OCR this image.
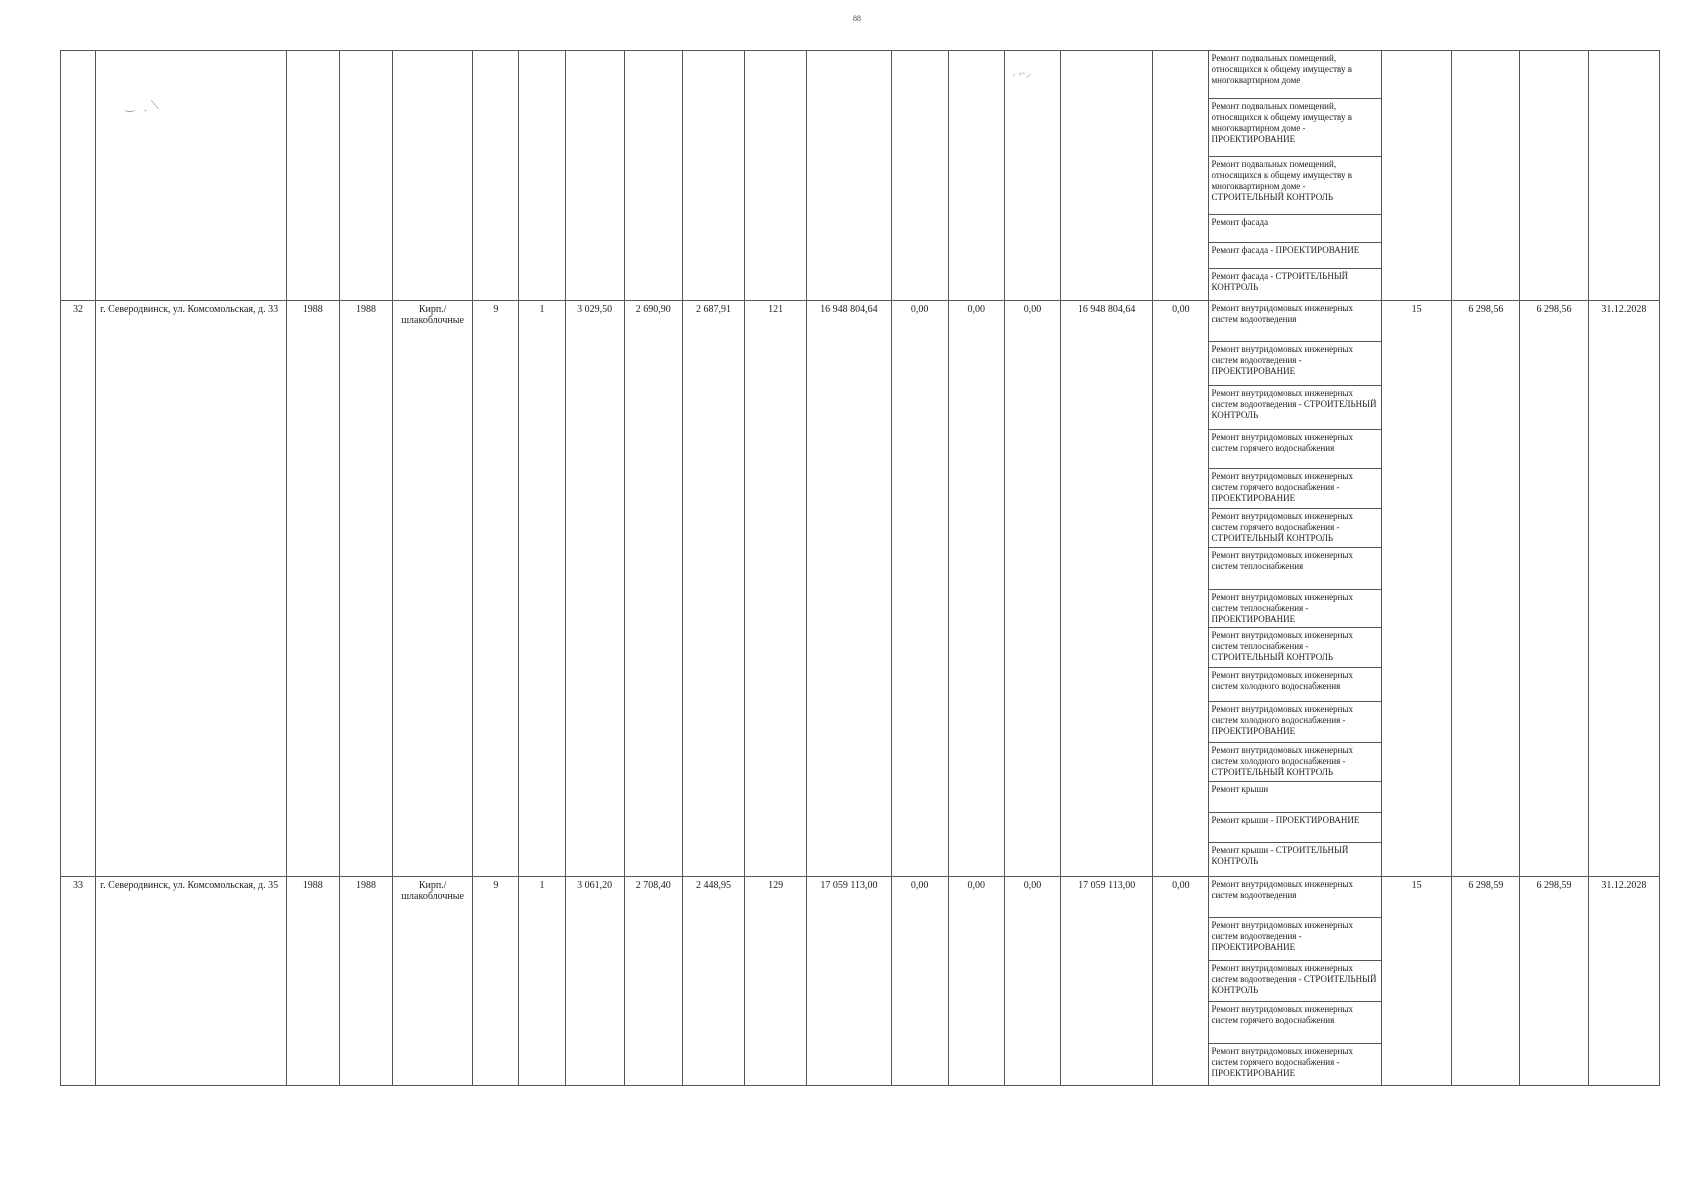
88
‿   ˎ ⟍
˒ ⌐⸝
																	Ремонт подвальных помещений, относящихся к общему имуществу в многоквартирном доме				
																	Ремонт подвальных помещений, относящихся к общему имуществу в многоквартирном доме - ПРОЕКТИРОВАНИЕ				
																	Ремонт подвальных помещений, относящихся к общему имуществу в многоквартирном доме - СТРОИТЕЛЬНЫЙ КОНТРОЛЬ				
																	Ремонт фасада				
																	Ремонт фасада - ПРОЕКТИРОВАНИЕ				
																	Ремонт фасада - СТРОИТЕЛЬНЫЙ КОНТРОЛЬ				
32	г. Северодвинск, ул. Комсомольская, д. 33	1988	1988	Кирп./ шлакоблочные	9	1	3 029,50	2 690,90	2 687,91	121	16 948 804,64	0,00	0,00	0,00	16 948 804,64	0,00	Ремонт внутридомовых инженерных систем водоотведения	15	6 298,56	6 298,56	31.12.2028
																	Ремонт внутридомовых инженерных систем водоотведения - ПРОЕКТИРОВАНИЕ				
																	Ремонт внутридомовых инженерных систем водоотведения - СТРОИТЕЛЬНЫЙ КОНТРОЛЬ				
																	Ремонт внутридомовых инженерных систем горячего водоснабжения				
																	Ремонт внутридомовых инженерных систем горячего водоснабжения - ПРОЕКТИРОВАНИЕ				
																	Ремонт внутридомовых инженерных систем горячего водоснабжения - СТРОИТЕЛЬНЫЙ КОНТРОЛЬ				
																	Ремонт внутридомовых инженерных систем теплоснабжения				
																	Ремонт внутридомовых инженерных систем теплоснабжения - ПРОЕКТИРОВАНИЕ				
																	Ремонт внутридомовых инженерных систем теплоснабжения - СТРОИТЕЛЬНЫЙ КОНТРОЛЬ				
																	Ремонт внутридомовых инженерных систем холодного водоснабжения				
																	Ремонт внутридомовых инженерных систем холодного водоснабжения - ПРОЕКТИРОВАНИЕ				
																	Ремонт внутридомовых инженерных систем холодного водоснабжения - СТРОИТЕЛЬНЫЙ КОНТРОЛЬ				
																	Ремонт крыши				
																	Ремонт крыши - ПРОЕКТИРОВАНИЕ				
																	Ремонт крыши - СТРОИТЕЛЬНЫЙ КОНТРОЛЬ				
33	г. Северодвинск, ул. Комсомольская, д. 35	1988	1988	Кирп./ шлакоблочные	9	1	3 061,20	2 708,40	2 448,95	129	17 059 113,00	0,00	0,00	0,00	17 059 113,00	0,00	Ремонт внутридомовых инженерных систем водоотведения	15	6 298,59	6 298,59	31.12.2028
																	Ремонт внутридомовых инженерных систем водоотведения - ПРОЕКТИРОВАНИЕ				
																	Ремонт внутридомовых инженерных систем водоотведения - СТРОИТЕЛЬНЫЙ КОНТРОЛЬ				
																	Ремонт внутридомовых инженерных систем горячего водоснабжения				
																	Ремонт внутридомовых инженерных систем горячего водоснабжения - ПРОЕКТИРОВАНИЕ				
